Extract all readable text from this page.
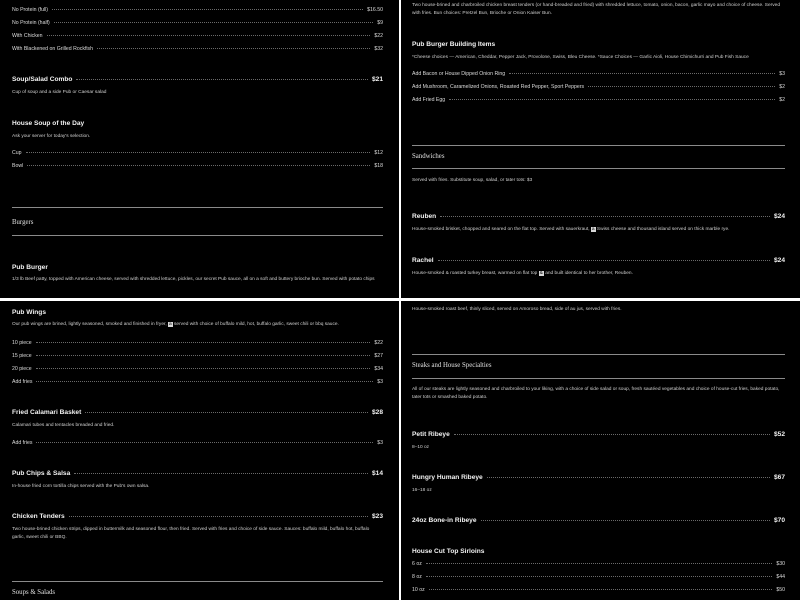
No Protein (full)	$16.50
No Protein (half)	$9
With Chicken	$22
With Blackened on Grilled Rockfish	$32
Soup/Salad Combo	$21
Cup of soup and a side Pub or Caesar salad
House Soup of the Day
Ask your server for today's selection.
Cup	$12
Bowl	$18
Burgers
Pub Burger
1/3 lb Beef patty, topped with American cheese, served with shredded lettuce, pickles, our secret Pub sauce, all on a soft and buttery brioche bun. Served with potato chips
Two house-brined and charbroiled chicken breast tenders (or hand-breaded and fried) with shredded lettuce, tomato, onion, bacon, garlic mayo and choice of cheese. Served with fries. Bun choices: Pretzel Bun, Brioche or Onion Kaiser Bun.
Pub Burger Building Items
*Cheese choices — American, Cheddar, Pepper Jack, Provolone, Swiss, Bleu Cheese. *Sauce Choices — Garlic Aioli, House Chimichurri and Pub Fish Sauce
Add Bacon or House Dipped Onion Ring	$3
Add Mushroom, Caramelized Onions, Roasted Red Pepper, Sport Peppers	$2
Add Fried Egg	$2
Sandwiches
Served with fries. Substitute soup, salad, or tater tots: $3
Reuben	$24
House-smoked brisket, chopped and seared on the flat top. Served with sauerkraut, a Swiss cheese and thousand island served on thick marble rye.
Rachel	$24
House-smoked & roasted turkey breast, warmed on flat top & and built identical to her brother, Reuben.
Pub Wings
Our pub wings are brined, lightly seasoned, smoked and finished in fryer, a served with choice of buffalo mild, hot, buffalo garlic, sweet chili or bbq sauce.
10 piece	$22
15 piece	$27
20 piece	$34
Add fries	$3
Fried Calamari Basket	$28
Calamari tubes and tentacles breaded and fried.
Add fries	$3
Pub Chips & Salsa	$14
In-house fried corn tortilla chips served with the Pub's own salsa.
Chicken Tenders	$23
Two house-brined chicken strips, dipped in buttermilk and seasoned flour, then fried. Served with fries and choice of side sauce. Sauces: buffalo mild, buffalo hot, buffalo garlic, sweet chili or BBQ.
Soups & Salads
House-smoked roast beef, thinly sliced, served on Amoroso bread, side of au jus, served with fries.
Steaks and House Specialties
All of our steaks are lightly seasoned and charbroiled to your liking, with a choice of side salad or soup, fresh sautéed vegetables and choice of house-cut fries, baked potato, tater tots or smashed baked potato.
Petit Ribeye	$52
8–10 oz
Hungry Human Ribeye	$67
16–18 oz
24oz Bone-in Ribeye	$70
House Cut Top Sirloins
6 oz	$30
8 oz	$44
10 oz	$50
